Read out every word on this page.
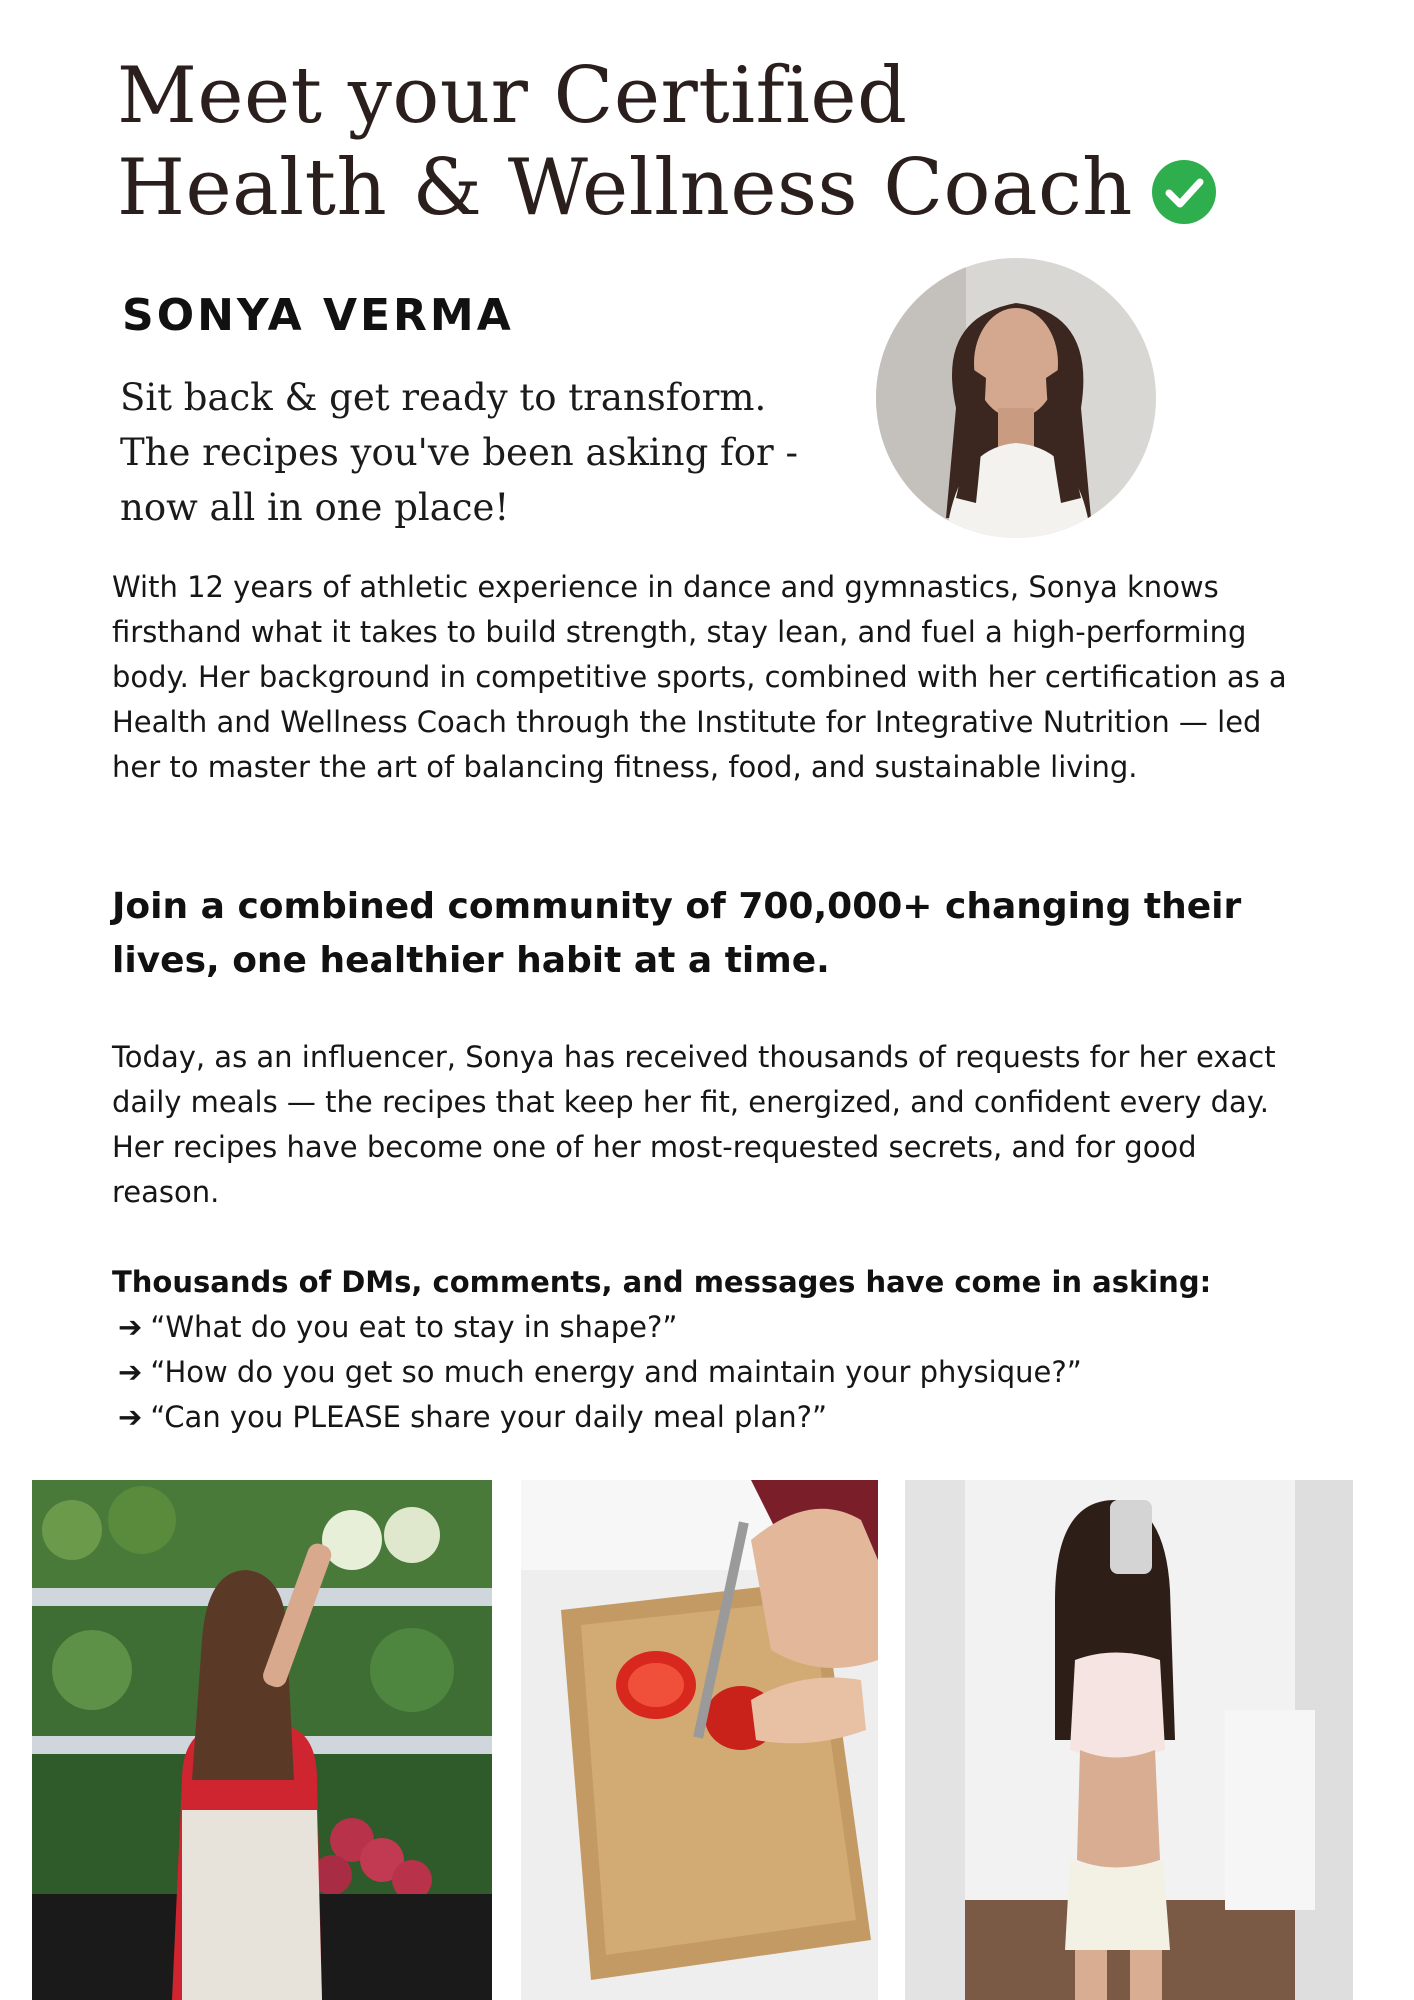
Meet your Certified
Health & Wellness Coach
SONYA VERMA

Sit back & get ready to transform. The recipes you've been asking for - now all in one place!

With 12 years of athletic experience in dance and gymnastics, Sonya knows firsthand what it takes to build strength, stay lean, and fuel a high-performing body. Her background in competitive sports, combined with her certification as a Health and Wellness Coach through the Institute for Integrative Nutrition — led her to master the art of balancing fitness, food, and sustainable living.

Join a combined community of 700,000+ changing their lives, one healthier habit at a time.

Today, as an influencer, Sonya has received thousands of requests for her exact daily meals — the recipes that keep her fit, energized, and confident every day. Her recipes have become one of her most-requested secrets, and for good reason.

Thousands of DMs, comments, and messages have come in asking:

➔ “What do you eat to stay in shape?”
➔ “How do you get so much energy and maintain your physique?”
➔ “Can you PLEASE share your daily meal plan?”
